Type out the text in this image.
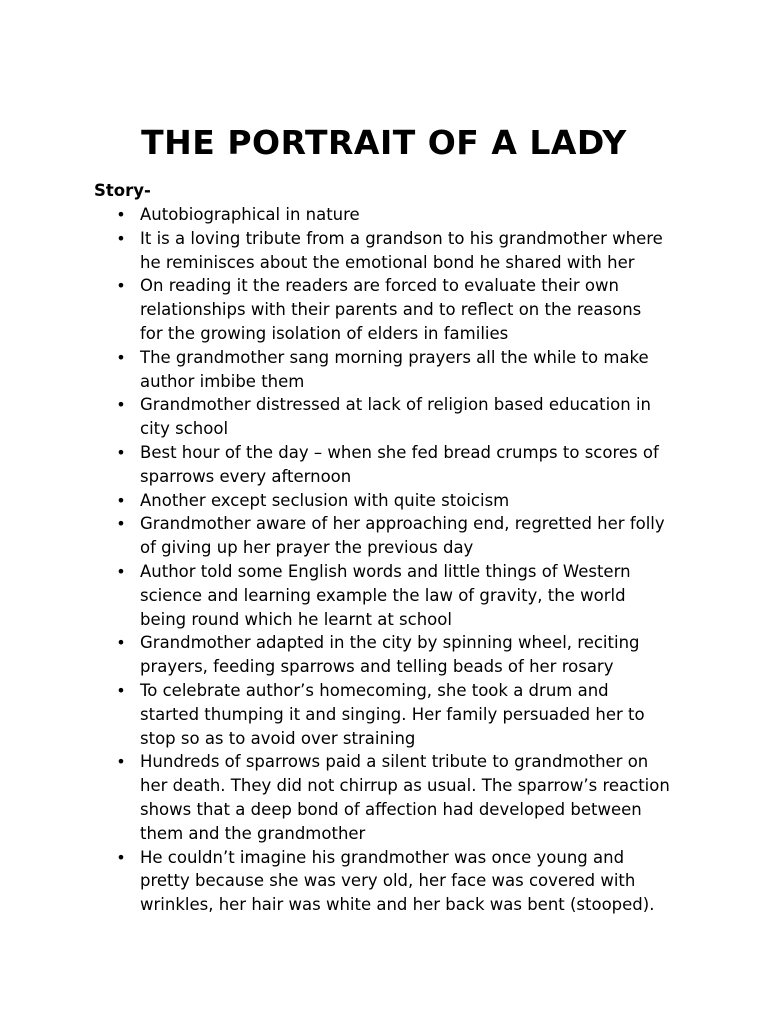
THE PORTRAIT OF A LADY
Story-
• Autobiographical in nature
• It is a loving tribute from a grandson to his grandmother where
he reminisces about the emotional bond he shared with her
• On reading it the readers are forced to evaluate their own
relationships with their parents and to reflect on the reasons
for the growing isolation of elders in families
• The grandmother sang morning prayers all the while to make
author imbibe them
• Grandmother distressed at lack of religion based education in
city school
• Best hour of the day – when she fed bread crumps to scores of
sparrows every afternoon
• Another except seclusion with quite stoicism
• Grandmother aware of her approaching end, regretted her folly
of giving up her prayer the previous day
• Author told some English words and little things of Western
science and learning example the law of gravity, the world
being round which he learnt at school
• Grandmother adapted in the city by spinning wheel, reciting
prayers, feeding sparrows and telling beads of her rosary
• To celebrate author’s homecoming, she took a drum and
started thumping it and singing. Her family persuaded her to
stop so as to avoid over straining
• Hundreds of sparrows paid a silent tribute to grandmother on
her death. They did not chirrup as usual. The sparrow’s reaction
shows that a deep bond of affection had developed between
them and the grandmother
• He couldn’t imagine his grandmother was once young and
pretty because she was very old, her face was covered with
wrinkles, her hair was white and her back was bent (stooped).
